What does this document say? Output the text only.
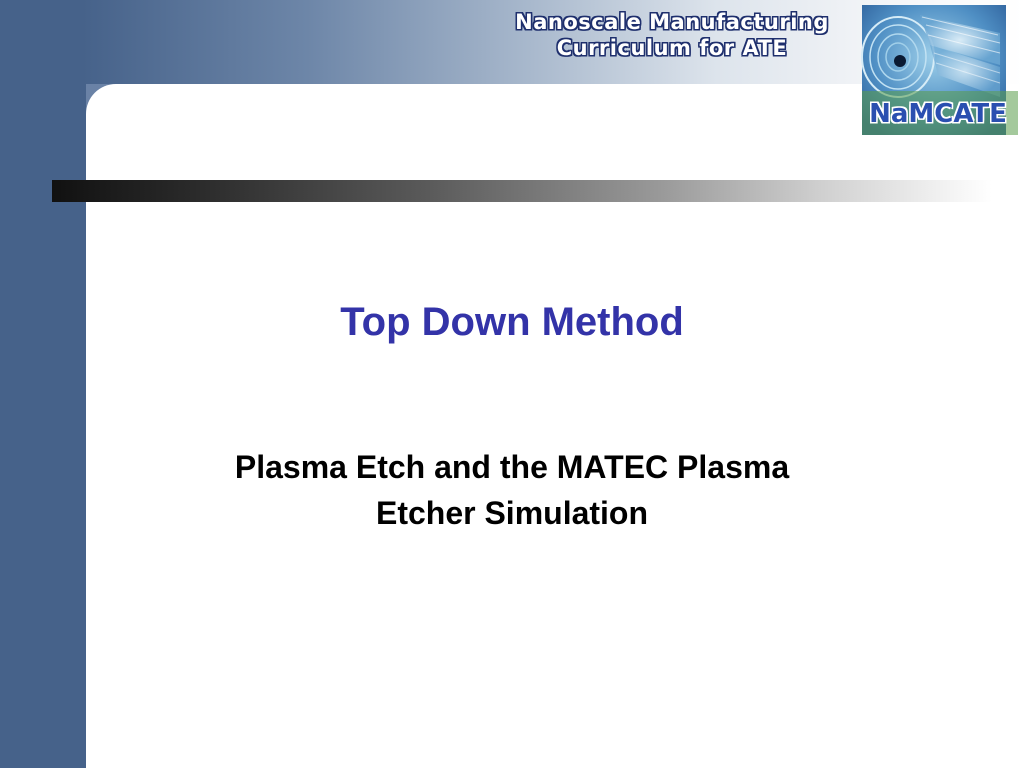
Nanoscale Manufacturing
Curriculum for ATE
NaMCATE
Top Down Method
Plasma Etch and the MATEC Plasma
Etcher Simulation
